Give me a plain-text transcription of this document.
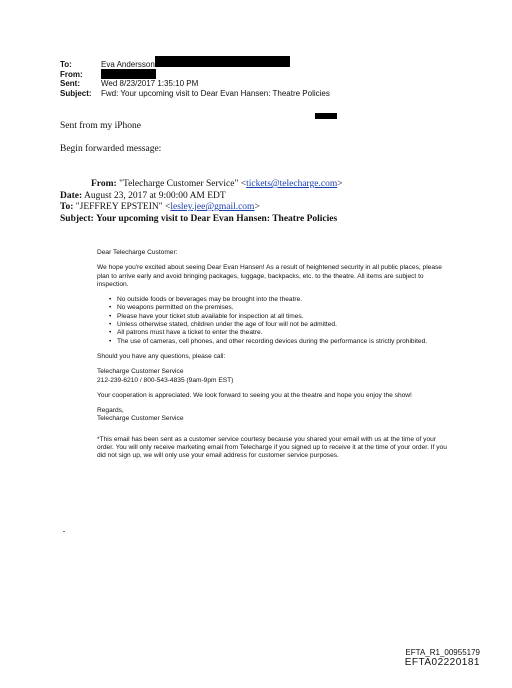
To:	Eva Andersson
From:
Sent:	Wed 8/23/2017 1:35:10 PM
Subject:	Fwd: Your upcoming visit to Dear Evan Hansen: Theatre Policies
Sent from my iPhone
Begin forwarded message:
From: "Telecharge Customer Service" <tickets@telecharge.com>
Date: August 23, 2017 at 9:00:00 AM EDT
To: "JEFFREY EPSTEIN" <lesley.jee@gmail.com>
Subject: Your upcoming visit to Dear Evan Hansen: Theatre Policies

Dear Telecharge Customer:

We hope you're excited about seeing Dear Evan Hansen! As a result of heightened security in all public places, please plan to arrive early and avoid bringing packages, luggage, backpacks, etc. to the theatre. All items are subject to inspection.

• No outside foods or beverages may be brought into the theatre.
• No weapons permitted on the premises.
• Please have your ticket stub available for inspection at all times.
• Unless otherwise stated, children under the age of four will not be admitted.
• All patrons must have a ticket to enter the theatre.
• The use of cameras, cell phones, and other recording devices during the performance is strictly prohibited.

Should you have any questions, please call:

Telecharge Customer Service
212-239-6210 / 800-543-4835 (9am-9pm EST)

Your cooperation is appreciated. We look forward to seeing you at the theatre and hope you enjoy the show!

Regards,
Telecharge Customer Service

*This email has been sent as a customer service courtesy because you shared your email with us at the time of your order. You will only receive marketing email from Telecharge if you signed up to receive it at the time of your order. If you did not sign up, we will only use your email address for customer service purposes.

EFTA_R1_00955179
EFTA02220181
